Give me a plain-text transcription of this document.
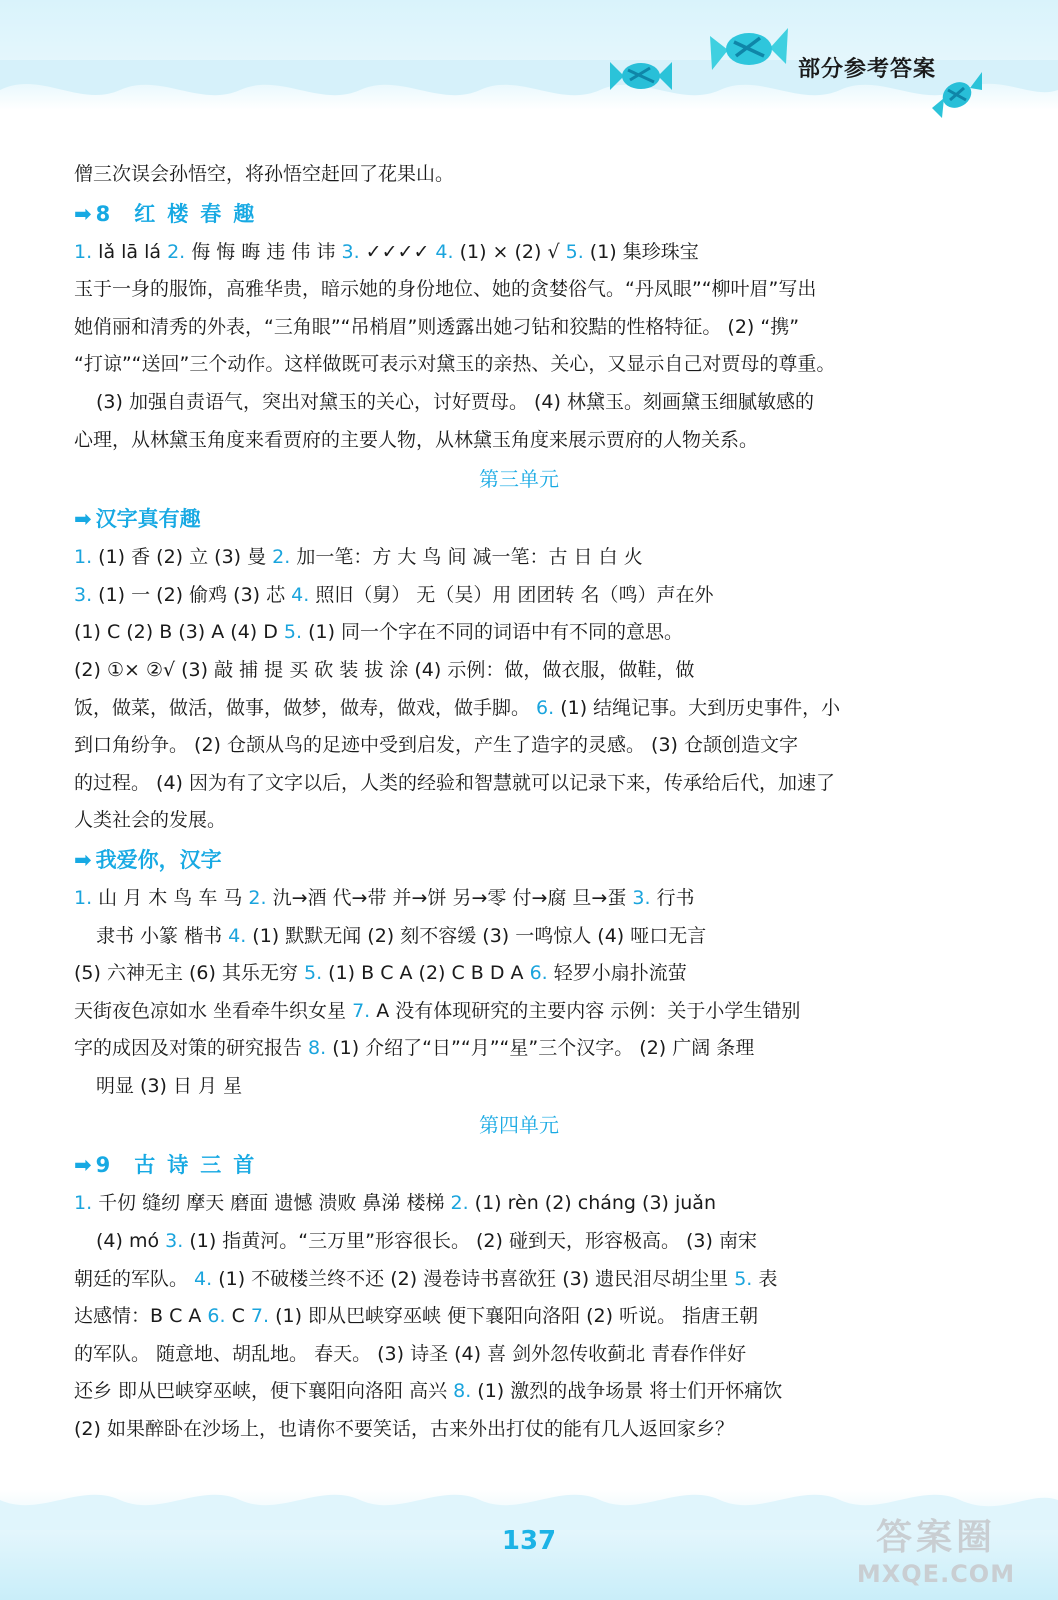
部分参考答案
僧三次误会孙悟空，将孙悟空赶回了花果山。
➡ 8 红楼春趣
1. lǎ lā lá 2. 侮 悔 晦 违 伟 讳 3. ✓✓✓✓ 4. (1) × (2) √ 5. (1) 集珍珠宝
玉于一身的服饰，高雅华贵，暗示她的身份地位、她的贪婪俗气。“丹凤眼”“柳叶眉”写出
她俏丽和清秀的外表，“三角眼”“吊梢眉”则透露出她刁钻和狡黠的性格特征。 (2) “携”
“打谅”“送回”三个动作。这样做既可表示对黛玉的亲热、关心，又显示自己对贾母的尊重。
(3) 加强自责语气，突出对黛玉的关心，讨好贾母。 (4) 林黛玉。刻画黛玉细腻敏感的
心理，从林黛玉角度来看贾府的主要人物，从林黛玉角度来展示贾府的人物关系。
第三单元
➡ 汉字真有趣
1. (1) 香 (2) 立 (3) 曼 2. 加一笔：方 大 鸟 间 减一笔：古 日 白 火
3. (1) 一 (2) 偷鸡 (3) 芯 4. 照旧（舅） 无（吴）用 团团转 名（鸣）声在外
(1) C (2) B (3) A (4) D 5. (1) 同一个字在不同的词语中有不同的意思。
(2) ①× ②√ (3) 敲 捕 提 买 砍 装 拔 涂 (4) 示例：做，做衣服，做鞋，做
饭，做菜，做活，做事，做梦，做寿，做戏，做手脚。 6. (1) 结绳记事。大到历史事件，小
到口角纷争。 (2) 仓颉从鸟的足迹中受到启发，产生了造字的灵感。 (3) 仓颉创造文字
的过程。 (4) 因为有了文字以后，人类的经验和智慧就可以记录下来，传承给后代，加速了
人类社会的发展。
➡ 我爱你，汉字
1. 山 月 木 鸟 车 马 2. 氿→酒 代→带 并→饼 另→零 付→腐 旦→蛋 3. 行书
隶书 小篆 楷书 4. (1) 默默无闻 (2) 刻不容缓 (3) 一鸣惊人 (4) 哑口无言
(5) 六神无主 (6) 其乐无穷 5. (1) B C A (2) C B D A 6. 轻罗小扇扑流萤
天街夜色凉如水 坐看牵牛织女星 7. A 没有体现研究的主要内容 示例：关于小学生错别
字的成因及对策的研究报告 8. (1) 介绍了“日”“月”“星”三个汉字。 (2) 广阔 条理
明显 (3) 日 月 星
第四单元
➡ 9 古诗三首
1. 千仞 缝纫 摩天 磨面 遗憾 溃败 鼻涕 楼梯 2. (1) rèn (2) cháng (3) juǎn
(4) mó 3. (1) 指黄河。“三万里”形容很长。 (2) 碰到天，形容极高。 (3) 南宋
朝廷的军队。 4. (1) 不破楼兰终不还 (2) 漫卷诗书喜欲狂 (3) 遗民泪尽胡尘里 5. 表
达感情：B C A 6. C 7. (1) 即从巴峡穿巫峡 便下襄阳向洛阳 (2) 听说。 指唐王朝
的军队。 随意地、胡乱地。 春天。 (3) 诗圣 (4) 喜 剑外忽传收蓟北 青春作伴好
还乡 即从巴峡穿巫峡，便下襄阳向洛阳 高兴 8. (1) 激烈的战争场景 将士们开怀痛饮
(2) 如果醉卧在沙场上，也请你不要笑话，古来外出打仗的能有几人返回家乡？
137	答案圈
MXQE.COM
